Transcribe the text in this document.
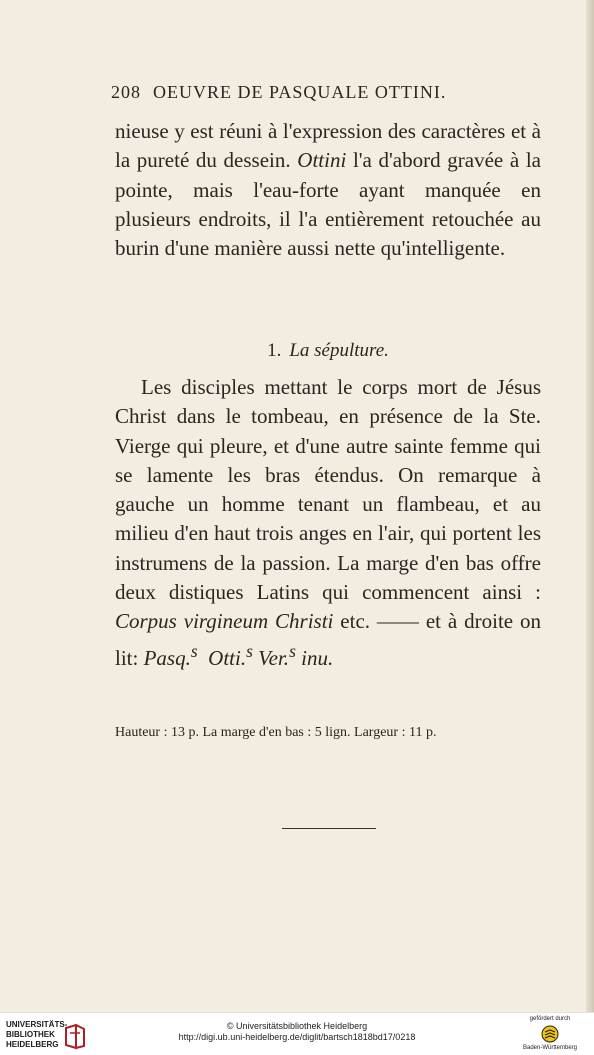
208 OEUVRE DE PASQUALE OTTINI.
nieuse y est réuni à l'expression des caractères et à la pureté du dessein. Ottini l'a d'abord gravée à la pointe, mais l'eau-forte ayant manquée en plusieurs endroits, il l'a entièrement retouchée au burin d'une manière aussi nette qu'intelligente.
1. La sépulture.
Les disciples mettant le corps mort de Jésus Christ dans le tombeau, en présence de la Ste. Vierge qui pleure, et d'une autre sainte femme qui se lamente les bras étendus. On remarque à gauche un homme tenant un flambeau, et au milieu d'en haut trois anges en l'air, qui portent les instrumens de la passion. La marge d'en bas offre deux distiques Latins qui commencent ainsi : Corpus virgineum Christi etc. —— et à droite on lit: Pasq.$^s$ Otti.$^s$ Ver.$^s$ inu.
Hauteur : 13 p. La marge d'en bas : 5 lign. Largeur : 11 p.
UNIVERSITÄTS-
BIBLIOTHEK
HEIDELBERG
© Universitätsbibliothek Heidelberg
http://digi.ub.uni-heidelberg.de/diglit/bartsch1818bd17/0218
gefördert durch
Baden-Württemberg
